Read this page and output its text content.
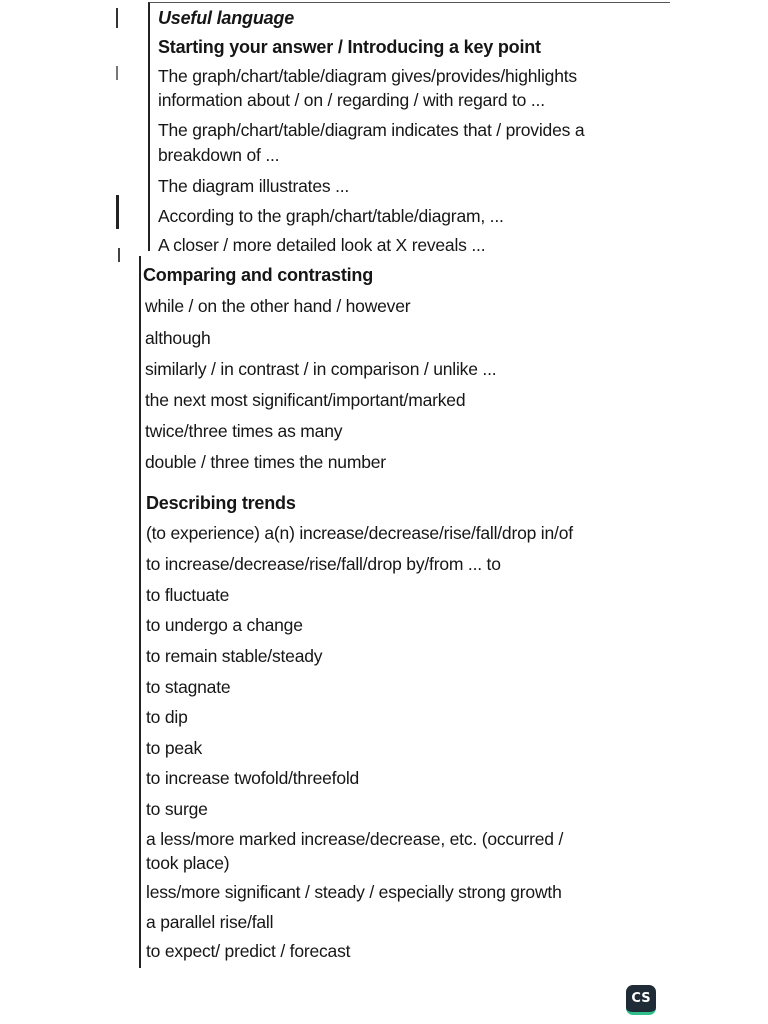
Useful language
Starting your answer / Introducing a key point
The graph/chart/table/diagram gives/provides/highlights
information about / on / regarding / with regard to ...
The graph/chart/table/diagram indicates that / provides a
breakdown of ...
The diagram illustrates ...
According to the graph/chart/table/diagram, ...
A closer / more detailed look at X reveals ...
Comparing and contrasting
while / on the other hand / however
although
similarly / in contrast / in comparison / unlike ...
the next most significant/important/marked
twice/three times as many
double / three times the number
Describing trends
(to experience) a(n) increase/decrease/rise/fall/drop in/of
to increase/decrease/rise/fall/drop by/from ... to
to fluctuate
to undergo a change
to remain stable/steady
to stagnate
to dip
to peak
to increase twofold/threefold
to surge
a less/more marked increase/decrease, etc. (occurred /
took place)
less/more significant / steady / especially strong growth
a parallel rise/fall
to expect/ predict / forecast
CS
